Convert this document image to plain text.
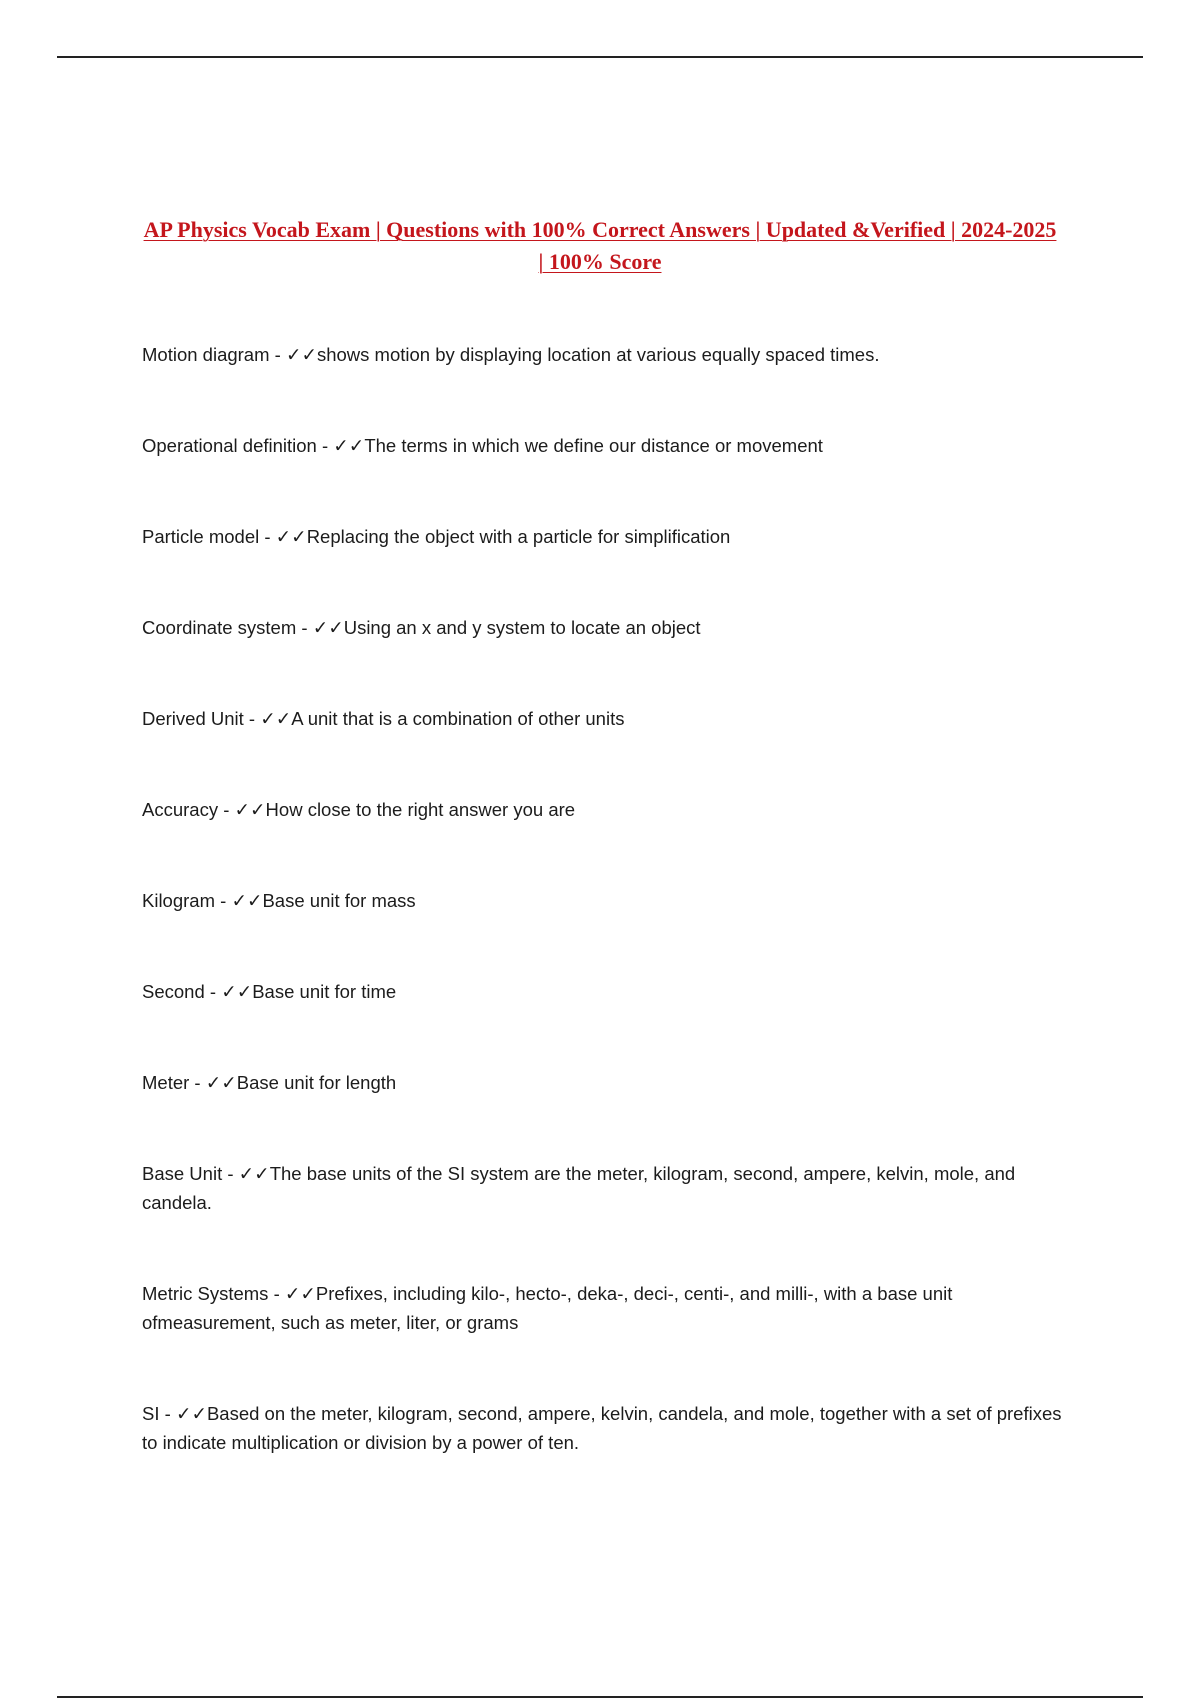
AP Physics Vocab Exam | Questions with 100% Correct Answers | Updated &Verified | 2024-2025 | 100% Score
Motion diagram - ✓✓shows motion by displaying location at various equally spaced times.
Operational definition - ✓✓The terms in which we define our distance or movement
Particle model - ✓✓Replacing the object with a particle for simplification
Coordinate system - ✓✓Using an x and y system to locate an object
Derived Unit - ✓✓A unit that is a combination of other units
Accuracy - ✓✓How close to the right answer you are
Kilogram - ✓✓Base unit for mass
Second - ✓✓Base unit for time
Meter - ✓✓Base unit for length
Base Unit - ✓✓The base units of the SI system are the meter, kilogram, second, ampere, kelvin, mole, and candela.
Metric Systems - ✓✓Prefixes, including kilo-, hecto-, deka-, deci-, centi-, and milli-, with a base unit ofmeasurement, such as meter, liter, or grams
SI - ✓✓Based on the meter, kilogram, second, ampere, kelvin, candela, and mole, together with a set of prefixes to indicate multiplication or division by a power of ten.
